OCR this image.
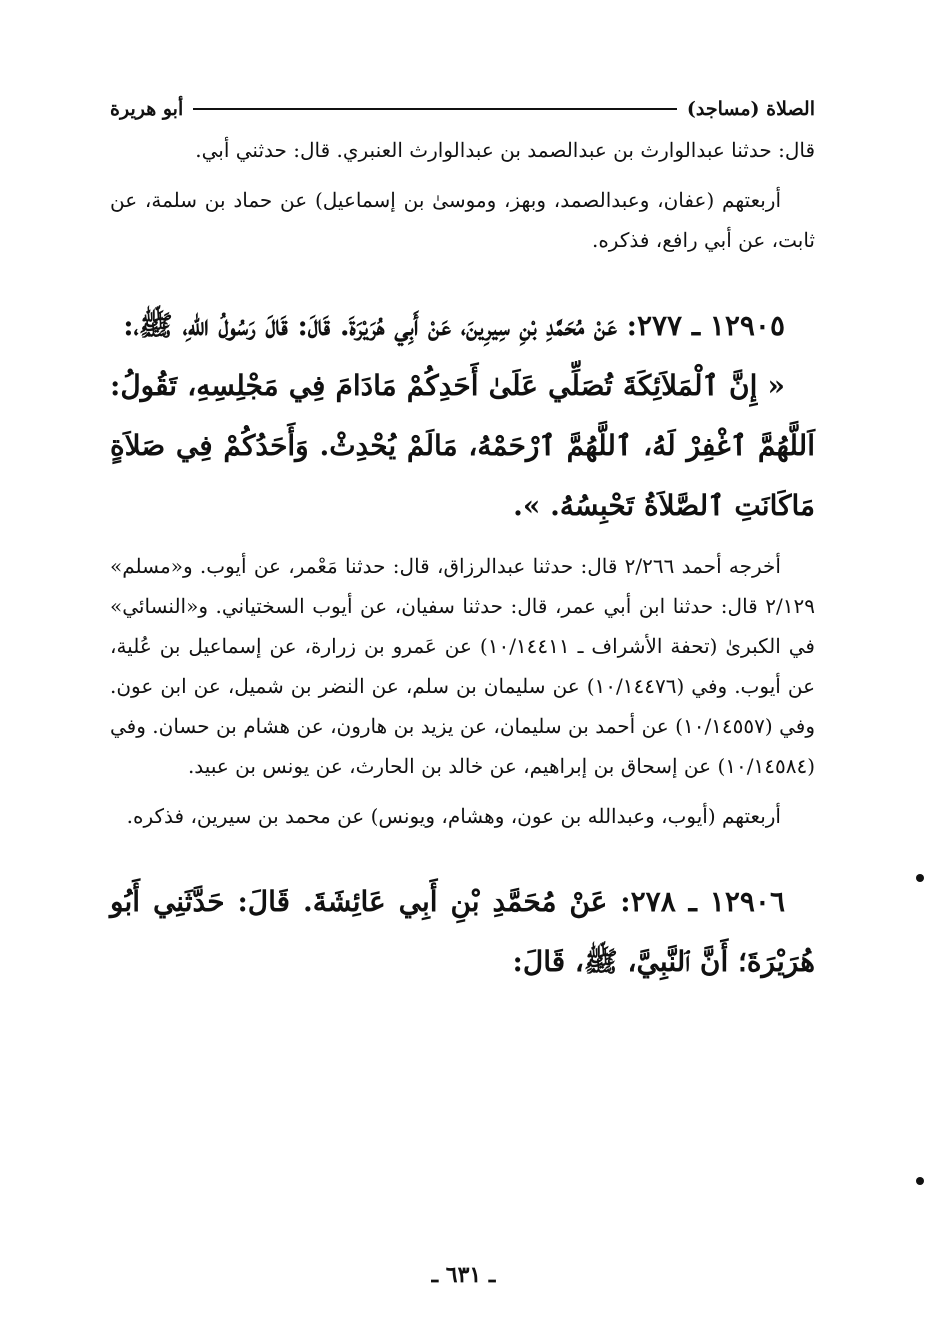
الصلاة (مساجد)
أبو هريرة

قال: حدثنا عبدالوارث بن عبدالصمد بن عبدالوارث العنبري. قال: حدثني أبي.

أربعتهم (عفان، وعبدالصمد، وبهز، وموسىٰ بن إسماعيل) عن حماد بن سلمة، عن ثابت، عن أبي رافع، فذكره.

١٢٩٠٥ ـ ٢٧٧: عَنْ مُحَمَّدِ بْنِ سِيرِينَ، عَنْ أَبِي هُرَيْرَةَ. قَالَ: قَالَ رَسُولُ اللهِ، ﷺ،:

« إِنَّ ٱلْمَلاَئِكَةَ تُصَلِّي عَلَىٰ أَحَدِكُمْ مَادَامَ فِي مَجْلِسِهِ، تَقُولُ: اَللَّهُمَّ ٱغْفِرْ لَهُ، ٱللَّهُمَّ ٱرْحَمْهُ، مَالَمْ يُحْدِثْ. وَأَحَدُكُمْ فِي صَلاَةٍ مَاكَانَتِ ٱلصَّلاَةُ تَحْبِسُهُ. ».

أخرجه أحمد ٢/٢٦٦ قال: حدثنا عبدالرزاق، قال: حدثنا مَعْمر، عن أيوب. و«مسلم» ٢/١٢٩ قال: حدثنا ابن أبي عمر، قال: حدثنا سفيان، عن أيوب السختياني. و«النسائي» في الكبرىٰ (تحفة الأشراف ـ ١٠/١٤٤١١) عن عَمرو بن زرارة، عن إسماعيل بن عُلية، عن أيوب. وفي (١٠/١٤٤٧٦) عن سليمان بن سلم، عن النضر بن شميل، عن ابن عون. وفي (١٠/١٤٥٥٧) عن أحمد بن سليمان، عن يزيد بن هارون، عن هشام بن حسان. وفي (١٠/١٤٥٨٤) عن إسحاق بن إبراهيم، عن خالد بن الحارث، عن يونس بن عبيد.

أربعتهم (أيوب، وعبدالله بن عون، وهشام، ويونس) عن محمد بن سيرين، فذكره.

١٢٩٠٦ ـ ٢٧٨: عَنْ مُحَمَّدِ بْنِ أَبِي عَائِشَةَ. قَالَ: حَدَّثَنِي أَبُو هُرَيْرَةَ؛ أَنَّ ٱلنَّبِيَّ، ﷺ، قَالَ:

ـ ٦٣١ ـ
